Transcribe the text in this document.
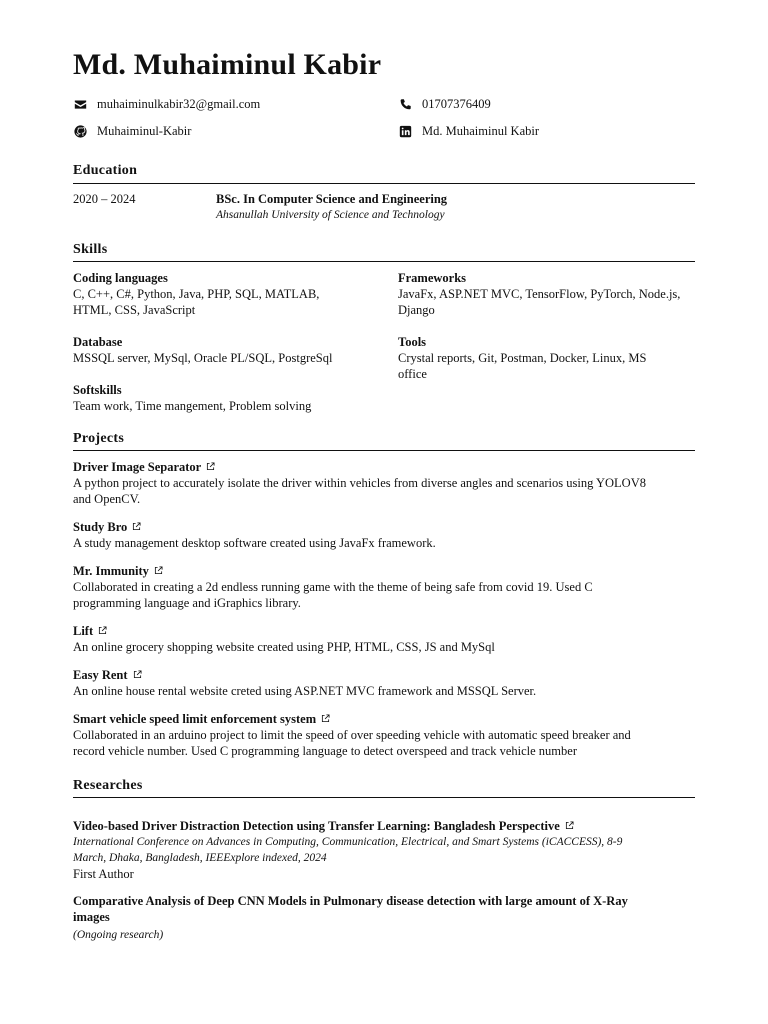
Md. Muhaiminul Kabir
muhaiminulkabir32@gmail.com	01707376409
Muhaiminul-Kabir	Md. Muhaiminul Kabir
Education
2020 – 2024	BSc. In Computer Science and Engineering
Ahsanullah University of Science and Technology
Skills
Coding languages
C, C++, C#, Python, Java, PHP, SQL, MATLAB,
HTML, CSS, JavaScript
Frameworks
JavaFx, ASP.NET MVC, TensorFlow, PyTorch, Node.js,
Django
Database
MSSQL server, MySql, Oracle PL/SQL, PostgreSql
Tools
Crystal reports, Git, Postman, Docker, Linux, MS
office
Softskills
Team work, Time mangement, Problem solving
Projects
Driver Image Separator
A python project to accurately isolate the driver within vehicles from diverse angles and scenarios using YOLOV8
and OpenCV.
Study Bro
A study management desktop software created using JavaFx framework.
Mr. Immunity
Collaborated in creating a 2d endless running game with the theme of being safe from covid 19. Used C
programming language and iGraphics library.
Lift
An online grocery shopping website created using PHP, HTML, CSS, JS and MySql
Easy Rent
An online house rental website creted using ASP.NET MVC framework and MSSQL Server.
Smart vehicle speed limit enforcement system
Collaborated in an arduino project to limit the speed of over speeding vehicle with automatic speed breaker and
record vehicle number. Used C programming language to detect overspeed and track vehicle number
Researches
Video-based Driver Distraction Detection using Transfer Learning: Bangladesh Perspective
International Conference on Advances in Computing, Communication, Electrical, and Smart Systems (iCACCESS), 8-9
March, Dhaka, Bangladesh, IEEExplore indexed, 2024
First Author
Comparative Analysis of Deep CNN Models in Pulmonary disease detection with large amount of X-Ray
images
(Ongoing research)
